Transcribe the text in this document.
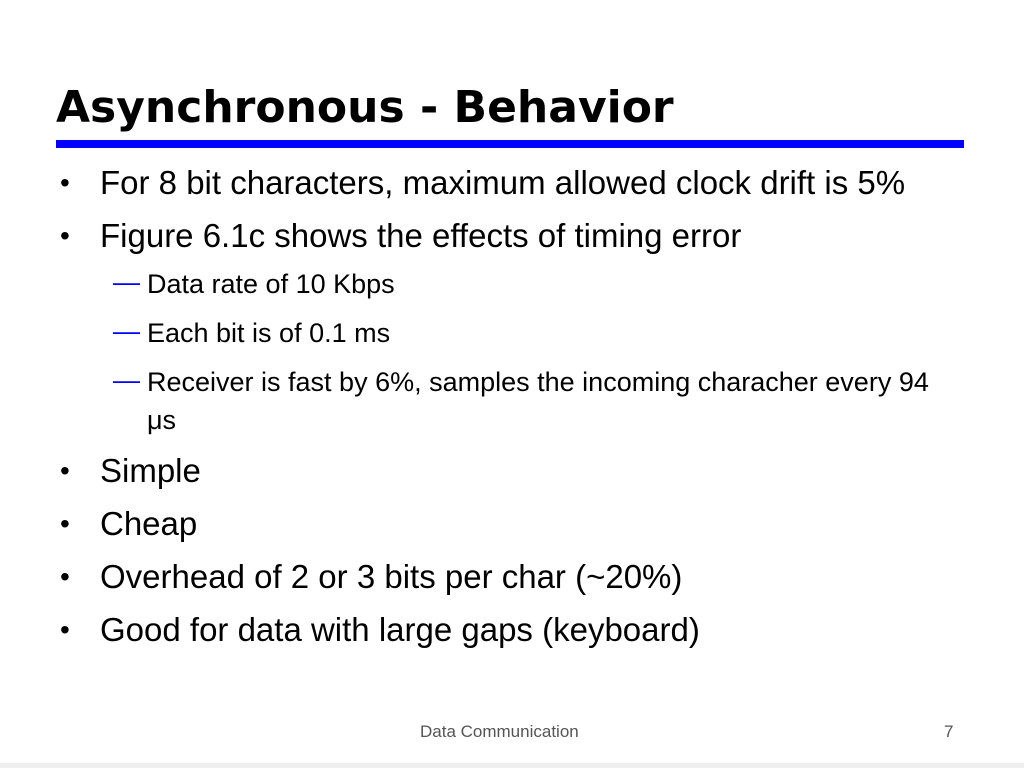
Asynchronous - Behavior
• For 8 bit characters, maximum allowed clock drift is 5%
• Figure 6.1c shows the effects of timing error
— Data rate of 10 Kbps
— Each bit is of 0.1 ms
— Receiver is fast by 6%, samples the incoming characher every 94 μs
• Simple
• Cheap
• Overhead of 2 or 3 bits per char (~20%)
• Good for data with large gaps (keyboard)
Data Communication	7
